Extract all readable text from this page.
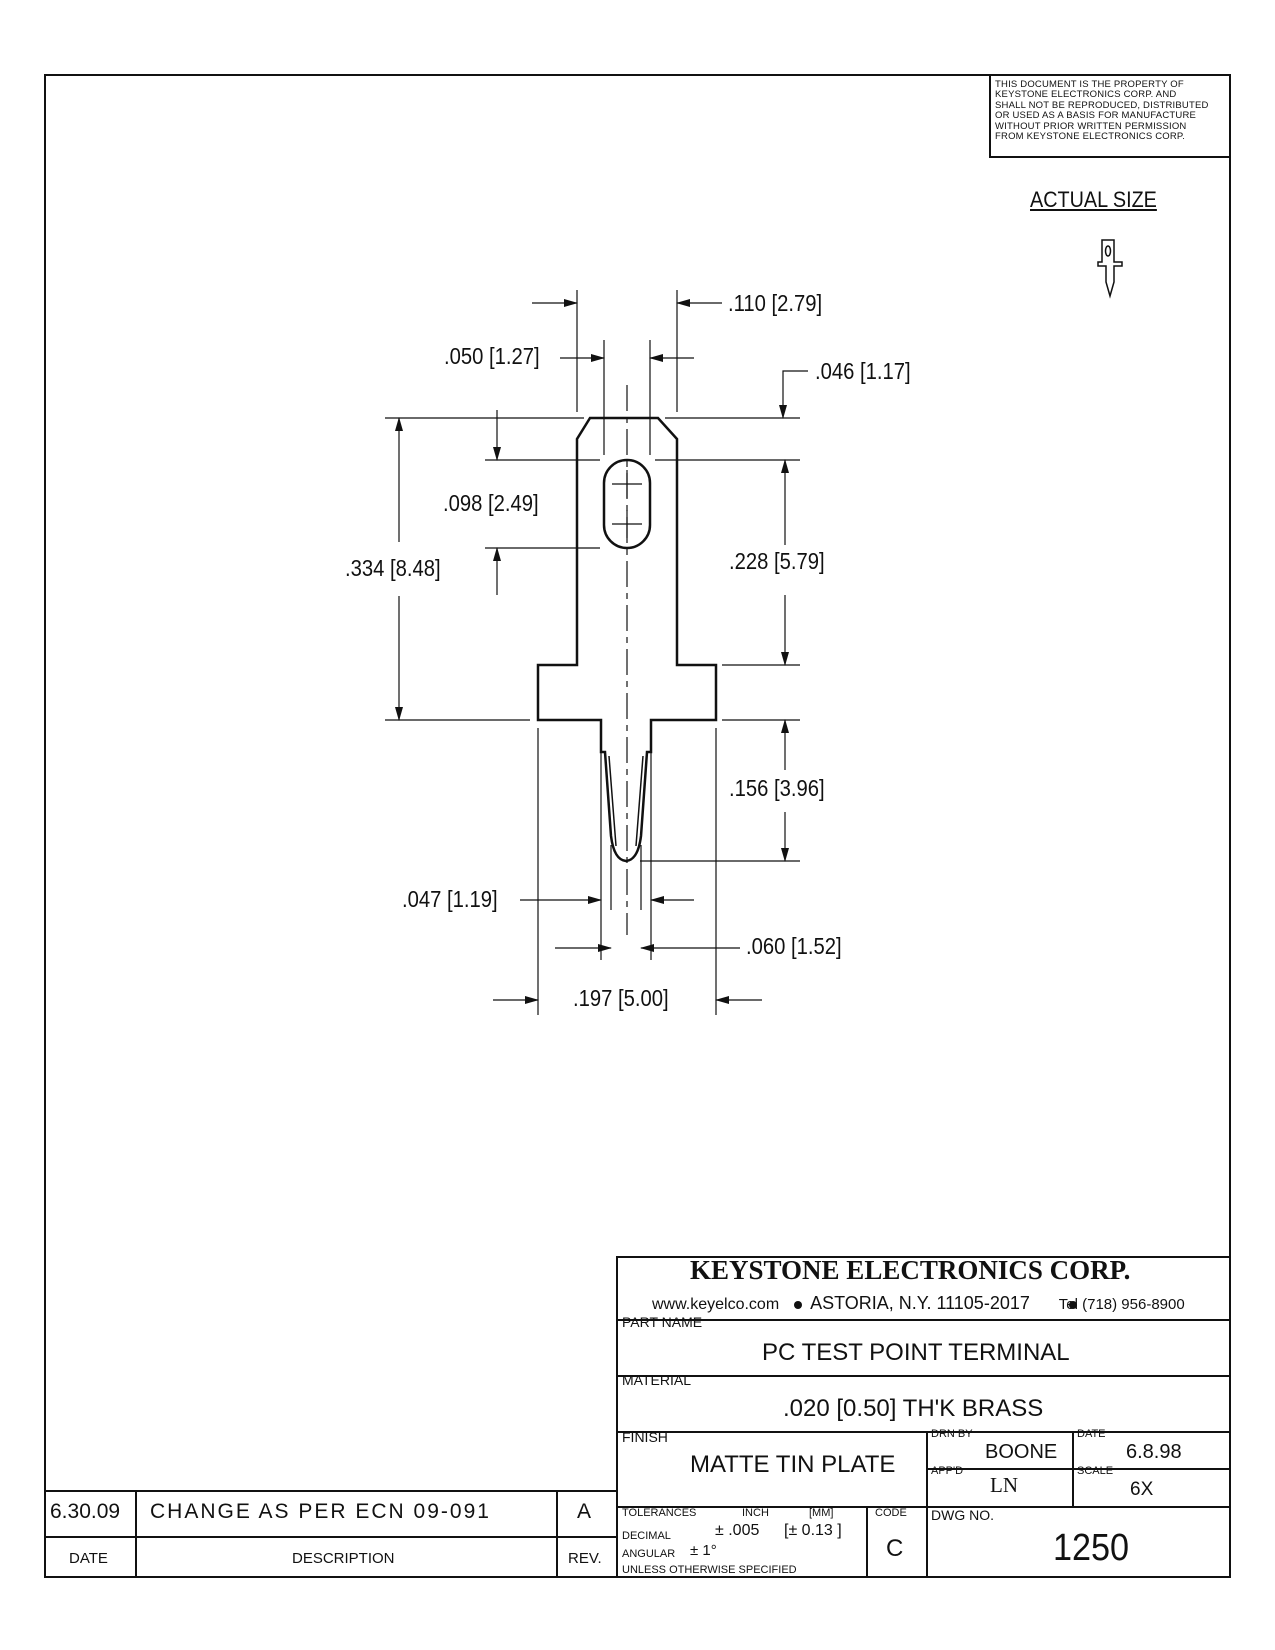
THIS DOCUMENT IS THE PROPERTY OF
KEYSTONE ELECTRONICS CORP. AND
SHALL NOT BE REPRODUCED, DISTRIBUTED
OR USED AS A BASIS FOR MANUFACTURE
WITHOUT PRIOR WRITTEN PERMISSION
FROM KEYSTONE ELECTRONICS CORP.
ACTUAL SIZE
.110 [2.79]
.050 [1.27]
.046 [1.17]
.098 [2.49]
.334 [8.48]	.228 [5.79]
.156 [3.96]
.047 [1.19]
.060 [1.52]
.197 [5.00]
KEYSTONE ELECTRONICS CORP.
www.keyelco.com ASTORIA, N.Y. 11105-2017 Tel (718) 956-8900
PART NAME
PC TEST POINT TERMINAL
MATERIAL
.020 [0.50] TH'K BRASS
FINISH
MATTE TIN PLATE
DRN BY
BOONE
DATE
6.8.98
APP'D
LN
SCALE
6X
TOLERANCES	INCH	[MM]	CODE
DECIMAL	± .005 [± 0.13 ]
ANGULAR ± 1°
UNLESS OTHERWISE SPECIFIED
C
DWG NO.
1250
6.30.09 CHANGE AS PER ECN 09-091	A
DATE	DESCRIPTION	REV.
